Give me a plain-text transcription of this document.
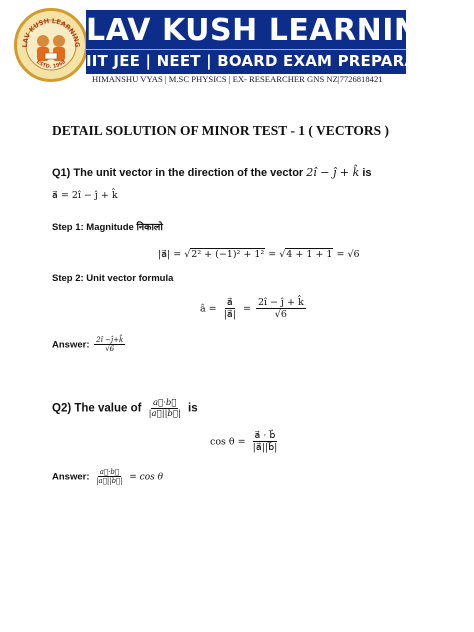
LAV KUSH LEARNING
ESTD. 1968
LAV KUSH LEARNING
IIT JEE | NEET | BOARD EXAM PREPARATION
HIMANSHU VYAS | M.SC PHYSICS | EX- RESEARCHER GNS NZ|7726818421
DETAIL SOLUTION OF MINOR TEST - 1 ( VECTORS )
Q1) The unit vector in the direction of the vector 2î − ĵ + k̂ is
a⃗ = 2î − ĵ + k̂
Step 1: Magnitude निकालो
|a⃗| = √2² + (−1)² + 1² = √4 + 1 + 1 = √6
Step 2: Unit vector formula
â = $\frac{a⃗}{|a⃗|} = \frac{2î - ĵ + k̂}{√6}$
Answer: $\frac{2î -ĵ+k̂}{√6}$
Q2) The value of $\frac{a⃗\cdot b⃗}{|a⃗||b⃗|}$ is
$\cos \theta = \frac{a⃗ \cdot b⃗}{|a⃗||b⃗|}$
Answer: $\frac{a⃗\cdot b⃗}{|a⃗||b⃗|} = \cos \theta$
